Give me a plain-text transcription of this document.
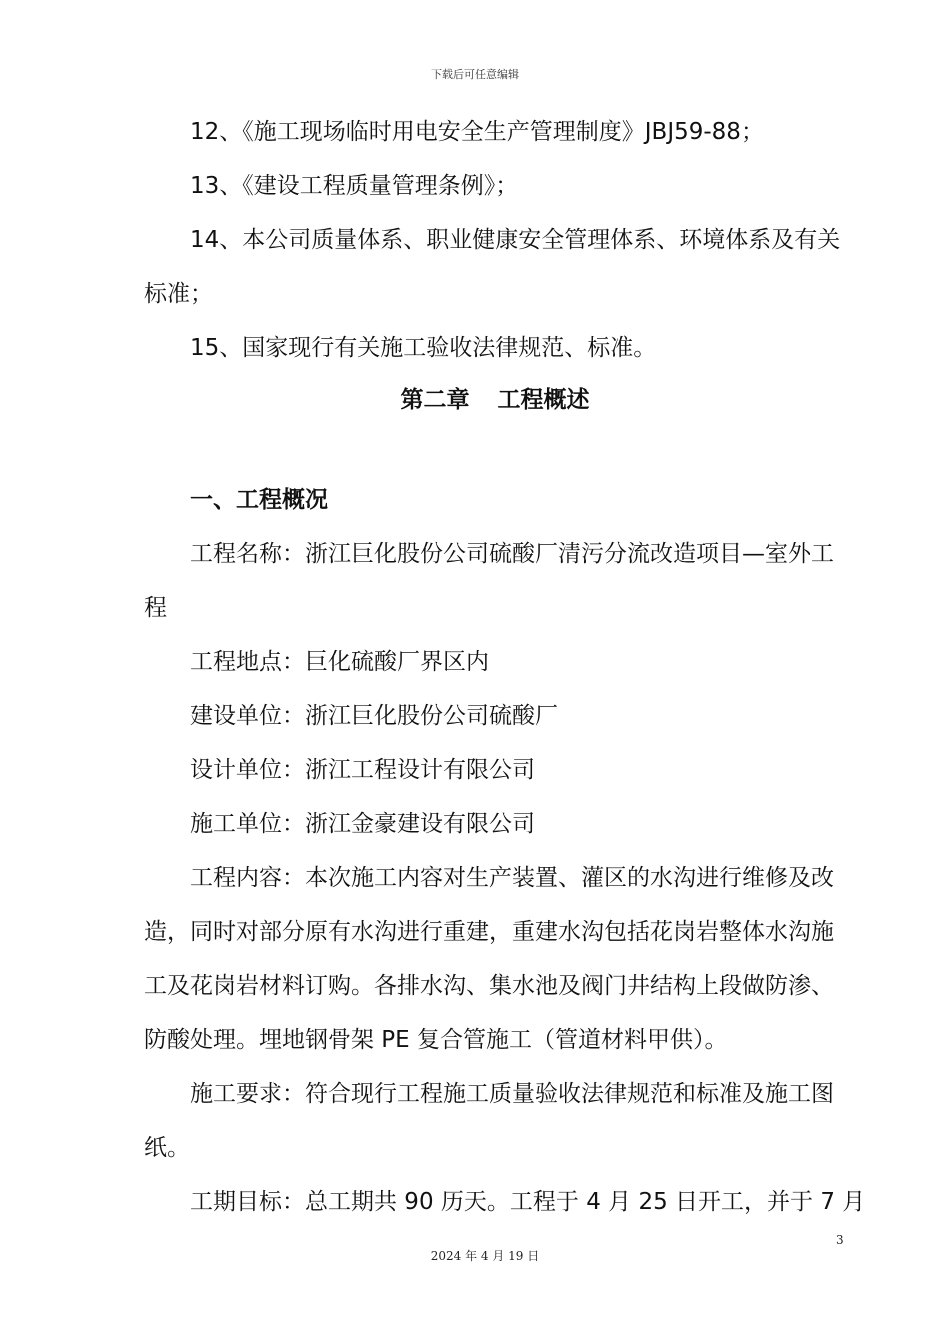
下载后可任意编辑
12、《施工现场临时用电安全生产管理制度》JBJ59-88；
13、《建设工程质量管理条例》；
14、本公司质量体系、职业健康安全管理体系、环境体系及有关
标准；
15、国家现行有关施工验收法律规范、标准。
第二章 工程概述
一、工程概况
工程名称：浙江巨化股份公司硫酸厂清污分流改造项目—室外工
程
工程地点：巨化硫酸厂界区内
建设单位：浙江巨化股份公司硫酸厂
设计单位：浙江工程设计有限公司
施工单位：浙江金豪建设有限公司
工程内容：本次施工内容对生产装置、灌区的水沟进行维修及改
造，同时对部分原有水沟进行重建，重建水沟包括花岗岩整体水沟施
工及花岗岩材料订购。各排水沟、集水池及阀门井结构上段做防渗、
防酸处理。埋地钢骨架 PE 复合管施工（管道材料甲供）。
施工要求：符合现行工程施工质量验收法律规范和标准及施工图
纸。
工期目标：总工期共 90 历天。工程于 4 月 25 日开工，并于 7 月
3
2024 年 4 月 19 日
